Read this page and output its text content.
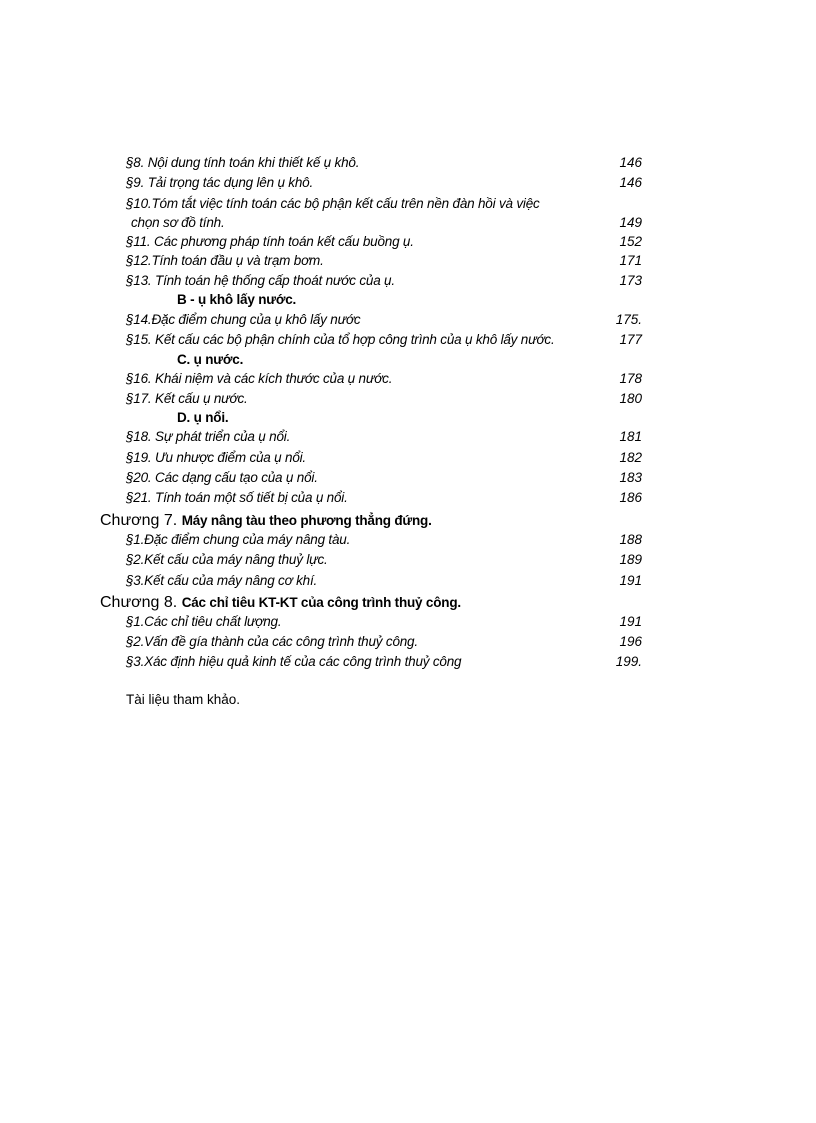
§8. Nội dung tính toán khi thiết kế ụ khô.	146
§9. Tải trọng tác dụng lên ụ khô.	146
§10.Tóm tắt việc tính toán các bộ phận kết cấu trên nền đàn hồi và việc
chọn sơ đồ tính.	149
§11. Các phương pháp tính toán kết cấu buồng ụ.	152
§12.Tính toán đầu ụ và trạm bơm.	171
§13. Tính toán hệ thống cấp thoát nước của ụ.	173
B - ụ khô lấy nước.
§14.Đặc điểm chung của ụ khô lấy nước	175.
§15. Kết cấu các bộ phận chính của tổ hợp công trình của ụ khô lấy nước.	177
C. ụ nước.
§16. Khái niệm và các kích thước của ụ nước.	178
§17. Kết cấu ụ nước.	180
D. ụ nổi.
§18. Sự phát triển của ụ nổi.	181
§19. Ưu nhược điểm của ụ nổi.	182
§20. Các dạng cấu tạo của ụ nổi.	183
§21. Tính toán một số tiết bị của ụ nổi.	186
Chương 7. Máy nâng tàu theo phương thẳng đứng.
§1.Đặc điểm chung của máy nâng tàu.	188
§2.Kết cấu của máy nâng thuỷ lực.	189
§3.Kết cấu của máy nâng cơ khí.	191
Chương 8. Các chỉ tiêu KT-KT của công trình thuỷ công.
§1.Các chỉ tiêu chất lượng.	191
§2.Vấn đề gía thành của các công trình thuỷ công.	196
§3.Xác định hiệu quả kinh tế của các công trình thuỷ công	199.
Tài liệu tham khảo.
